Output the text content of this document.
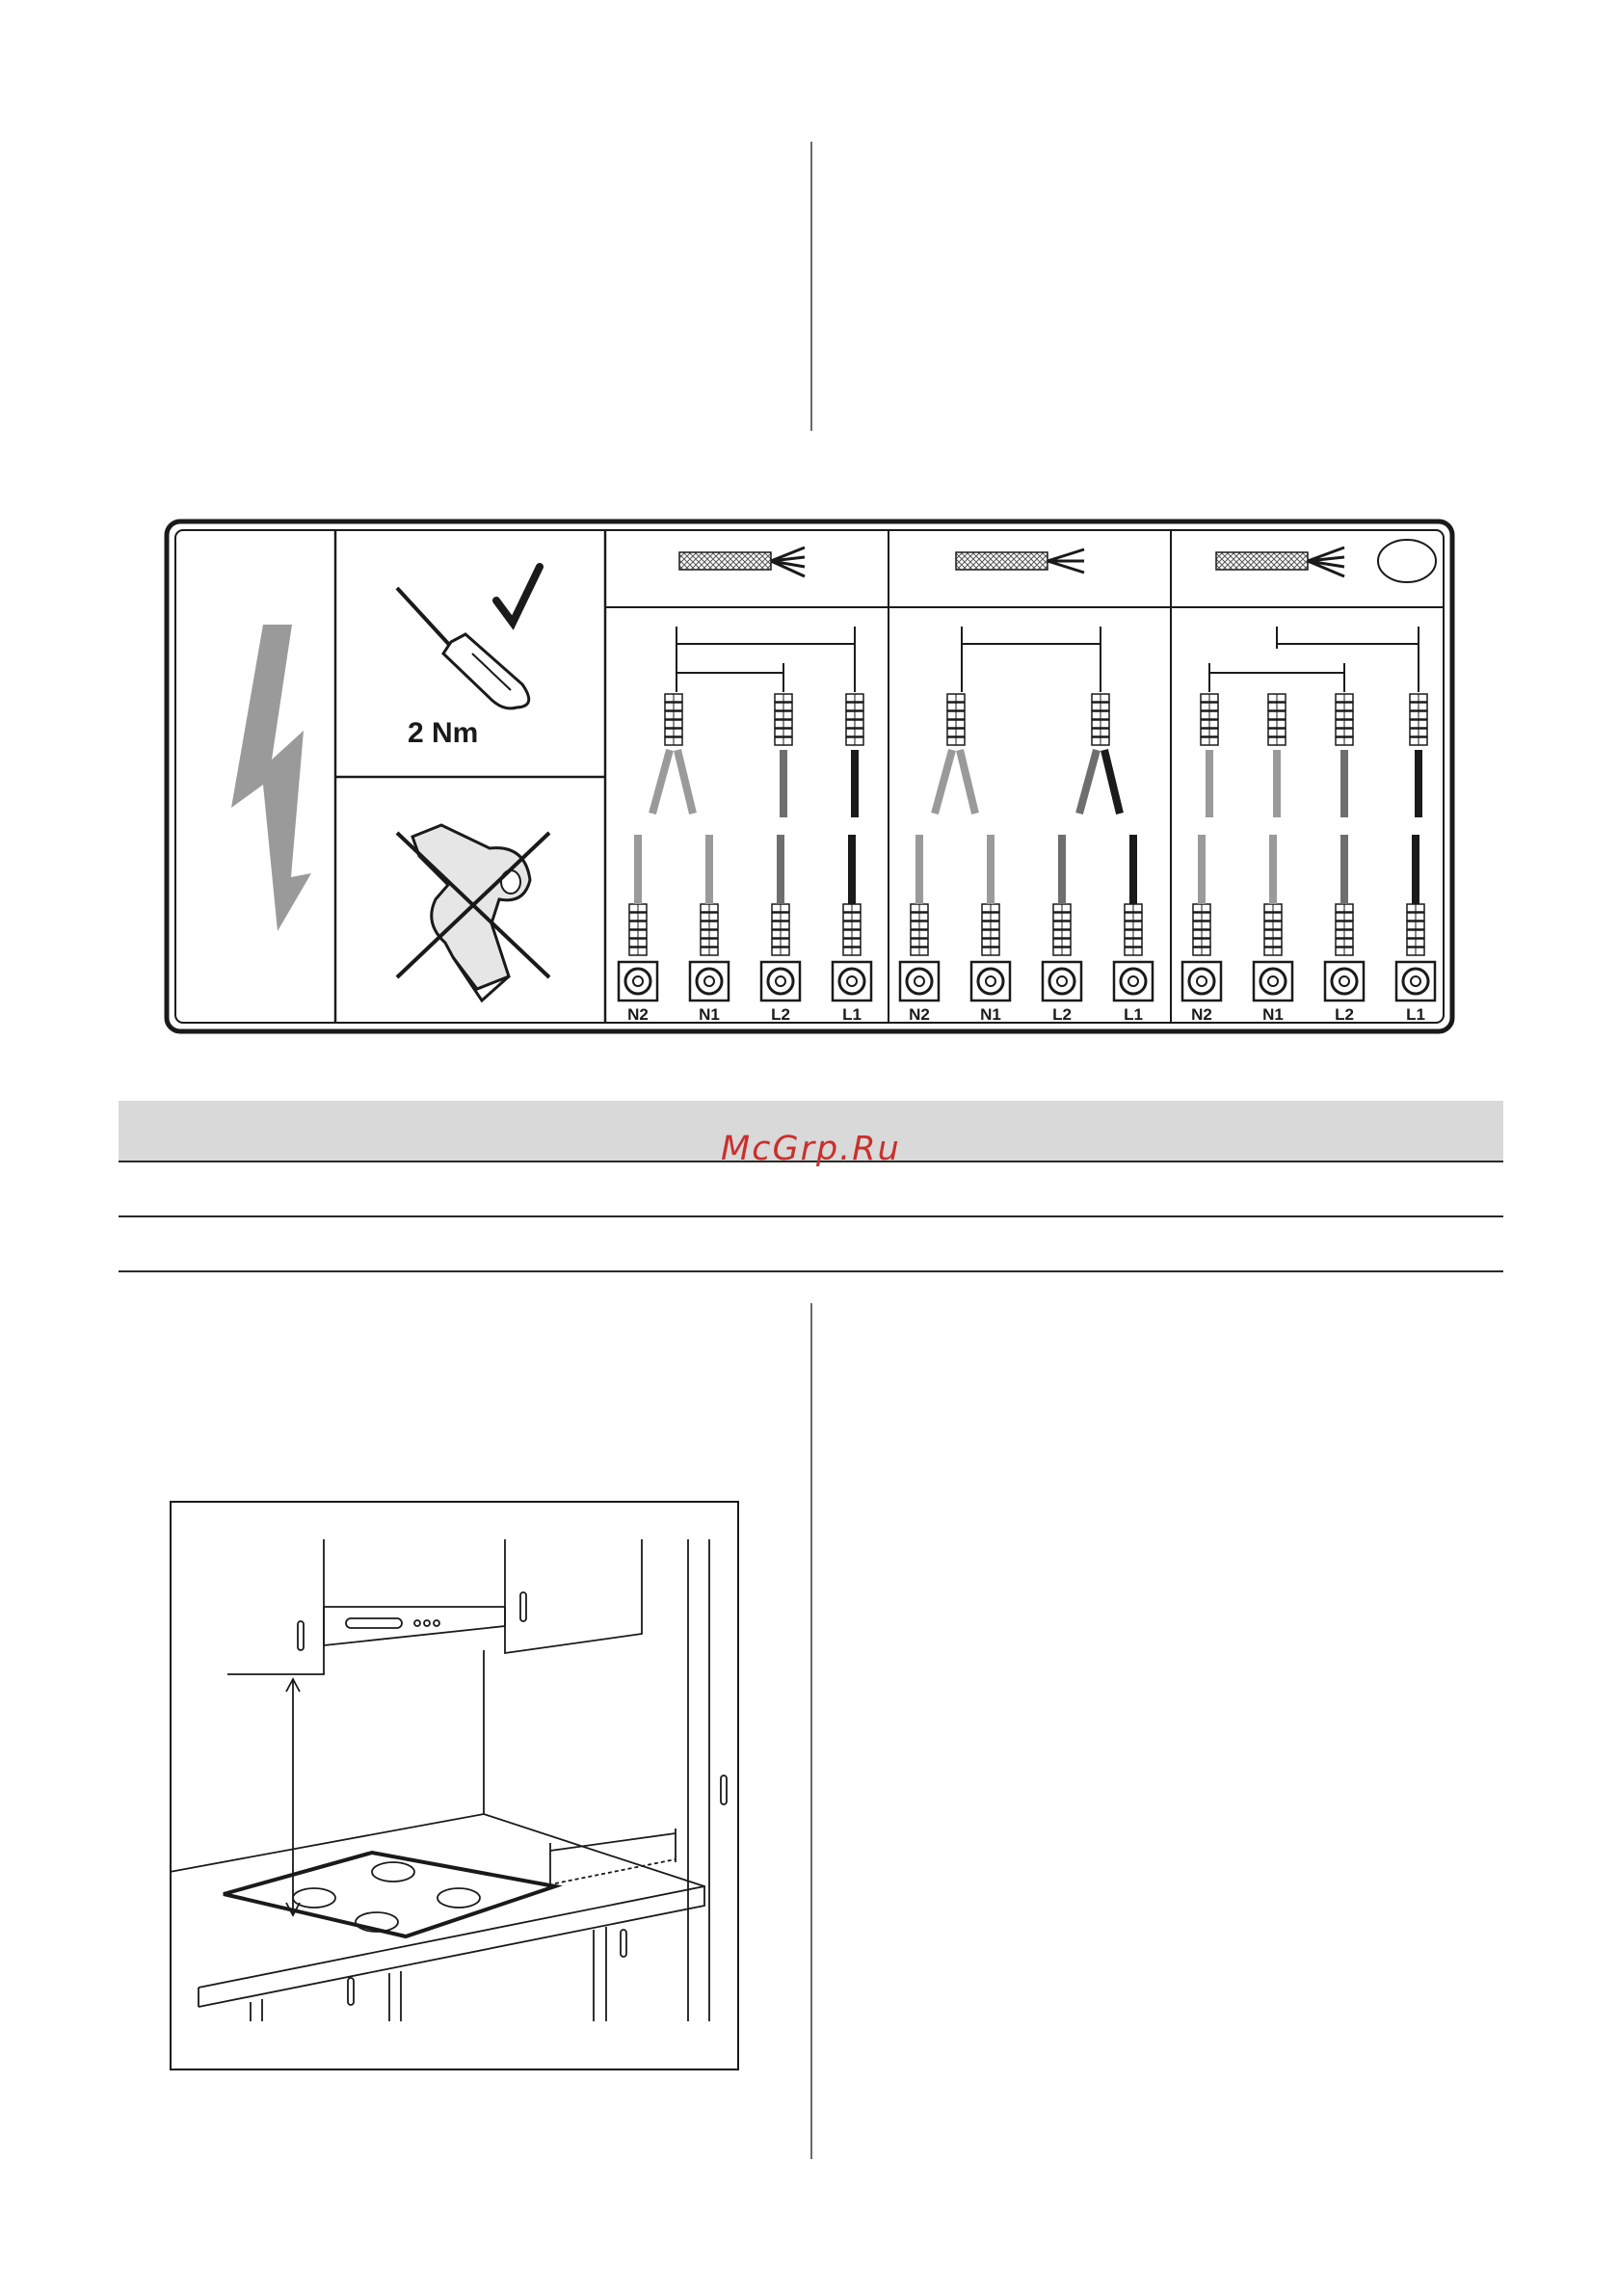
2 Nm
N2	N1	L2	L1	N2	N1	L2	L1	N2	N1	L2	L1
McGrp.Ru
